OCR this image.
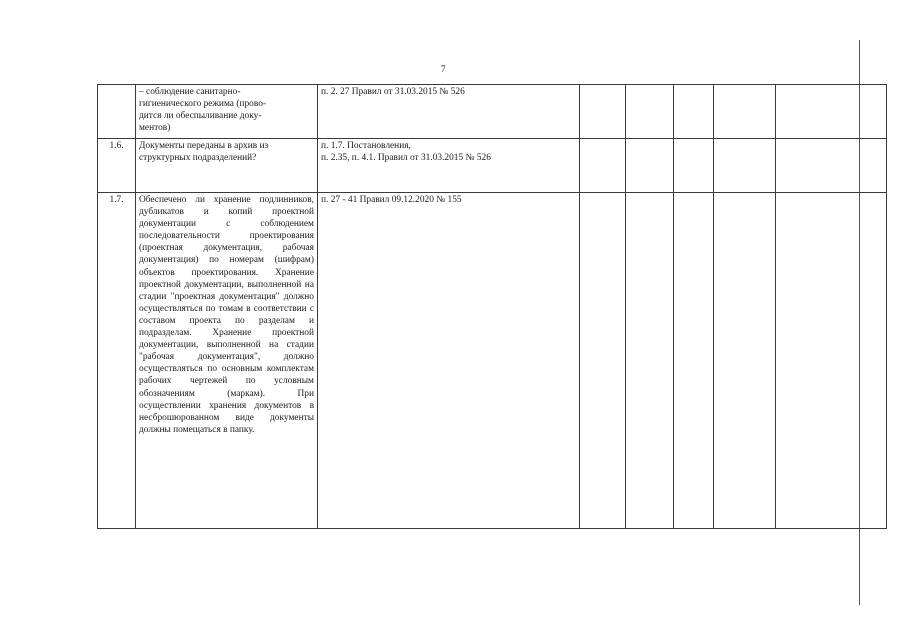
7

	– соблюдение санитарно-
гигиенического режима (прово-
дится ли обеспыливание доку-
ментов)	п. 2. 27 Правил от 31.03.2015 № 526					

1.6.	Документы переданы в архив из
структурных подразделений?	п. 1.7. Постановления,
п. 2.35, п. 4.1. Правил от 31.03.2015 № 526					

1.7.	Обеспечено ли хранение подлинников, дубликатов и копий проектной документации с соблюдением последовательности проектирования (проектная документация, рабочая документация) по номерам (шифрам) объектов проектирования. Хранение проектной документации, выполненной на стадии "проектная документация" должно осуществляться по томам в соответствии с составом проекта по разделам и подразделам. Хранение проектной документации, выполненной на стадии "рабочая документация", должно осуществляться по основным комплектам рабочих чертежей по условным обозначениям (маркам). При осуществлении хранения документов в несброшюрованном виде документы должны помещаться в папку.	п. 27 - 41 Правил 09.12.2020 № 155					
